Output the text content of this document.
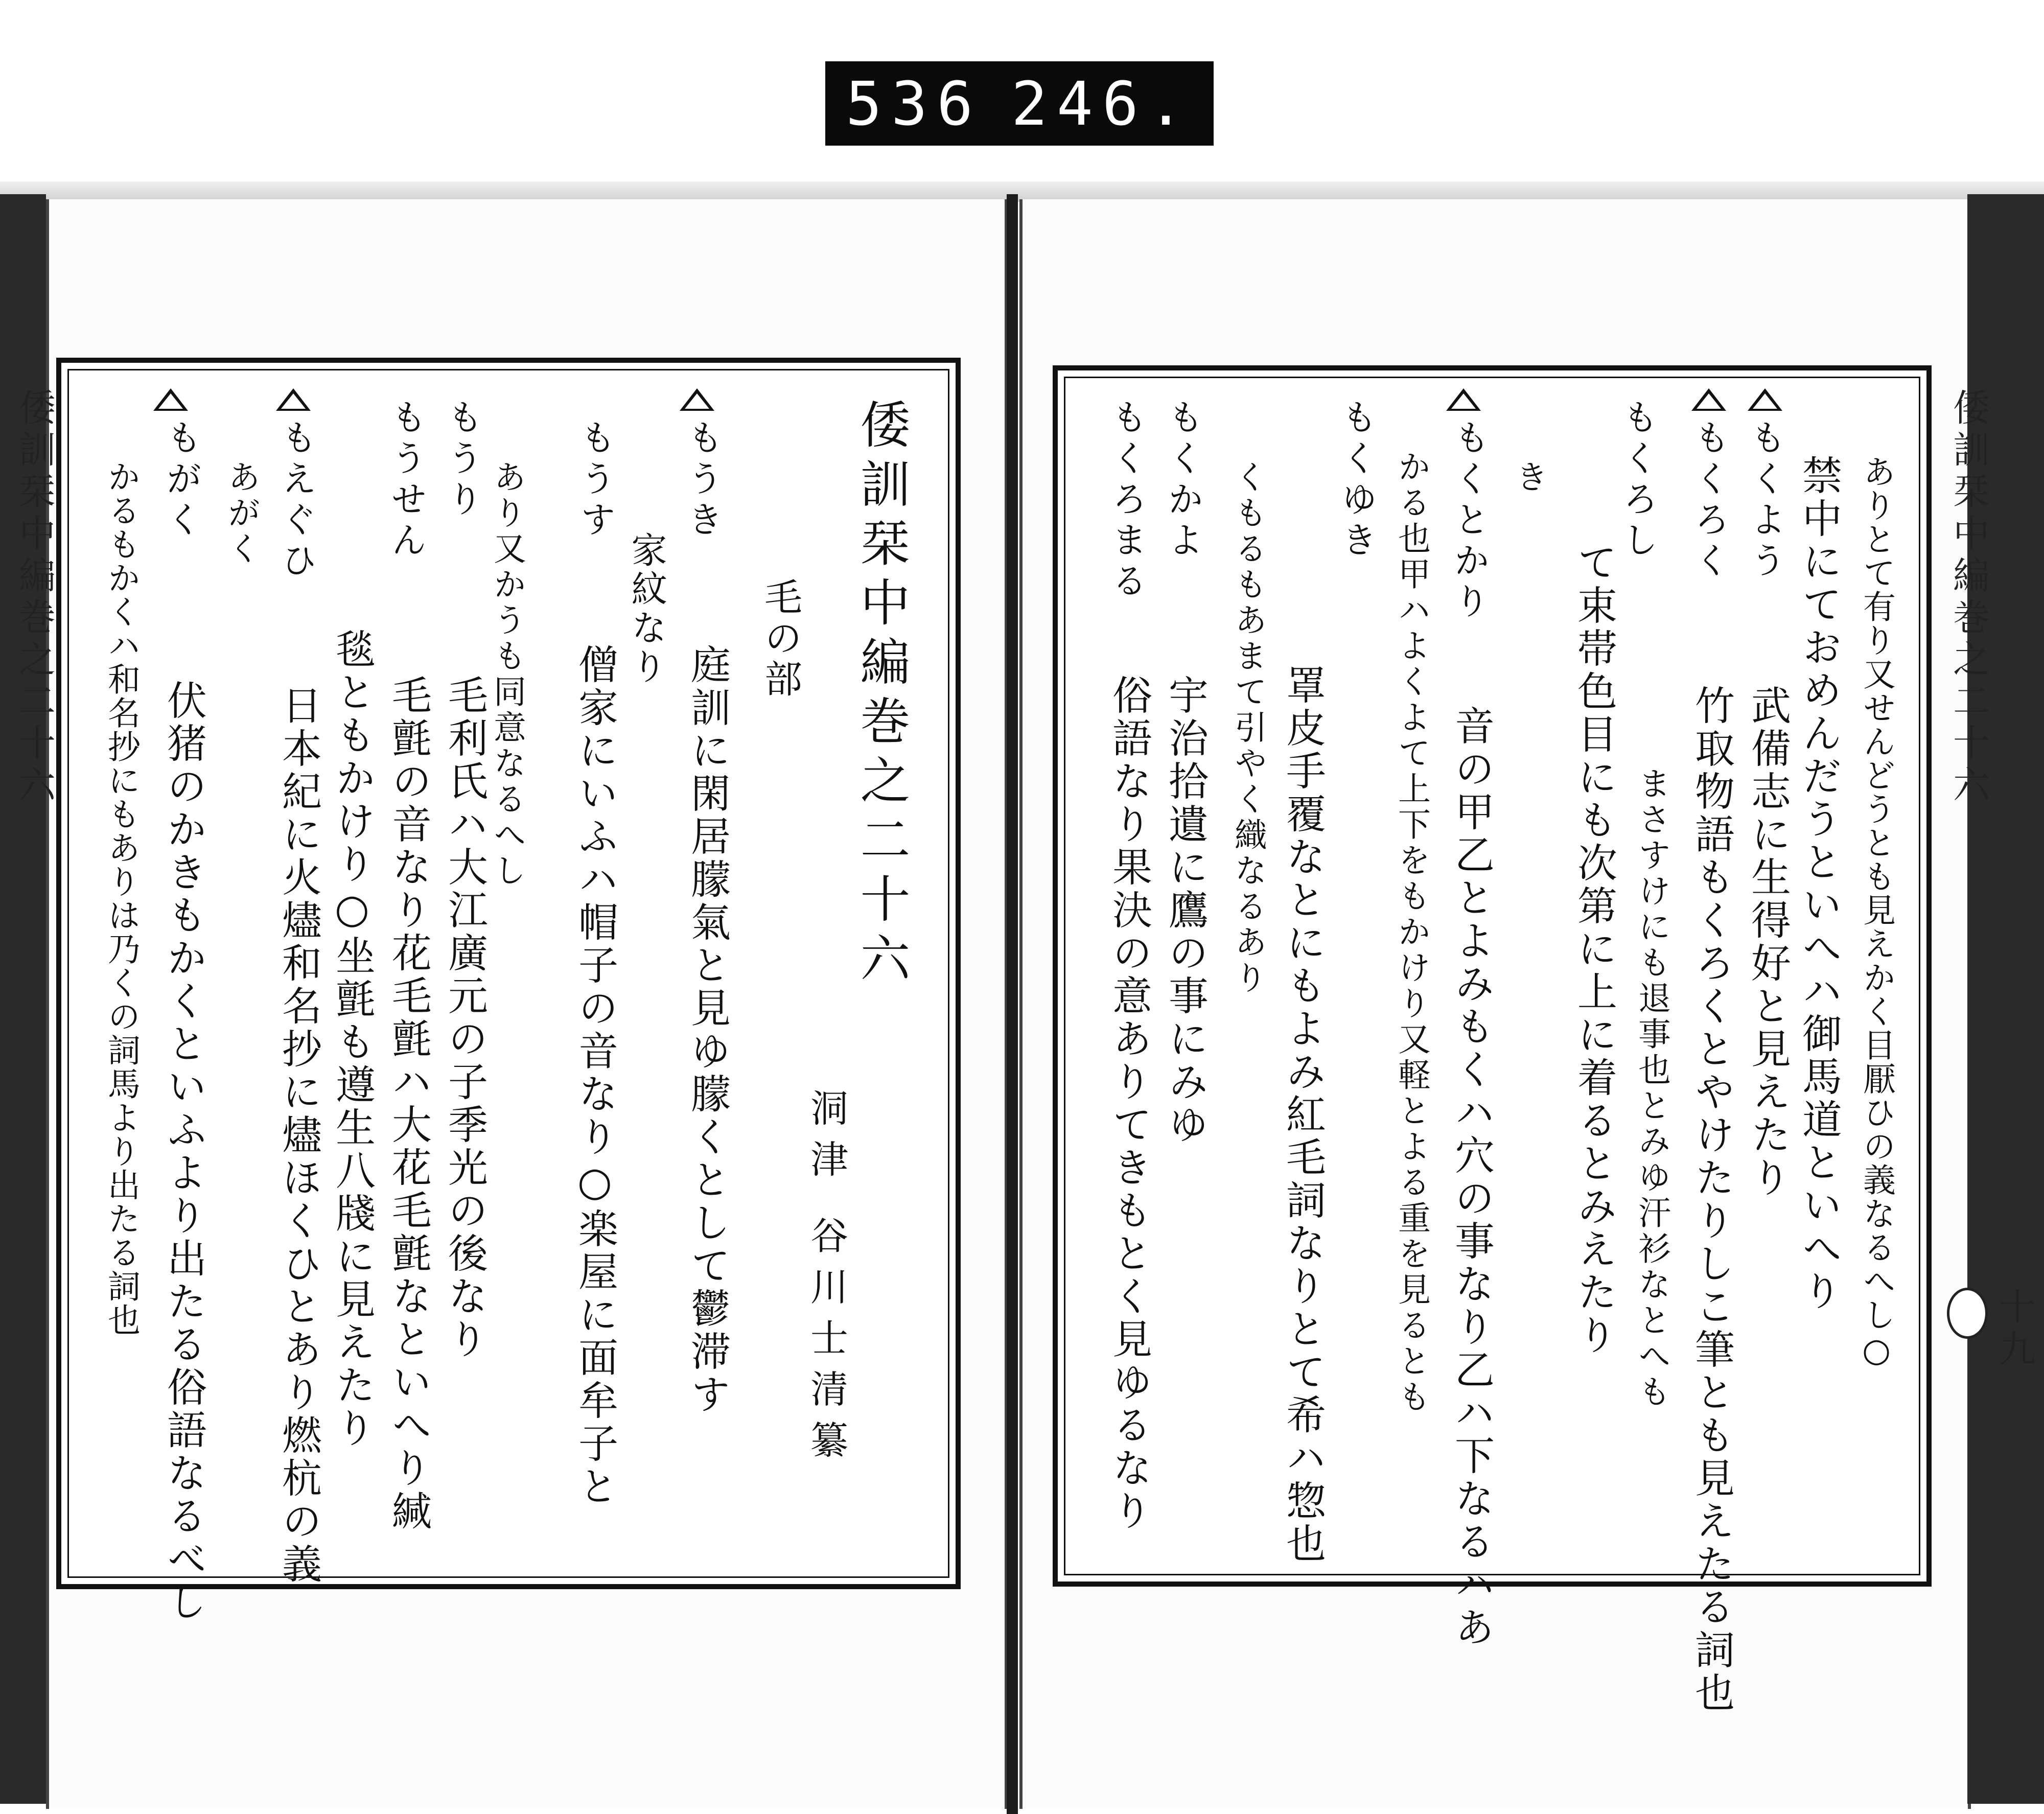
536 246.
倭訓栞中編巻之二十六	倭訓栞中編巻之二十六
毛の部
洞津 谷川士清纂
もうき
庭訓に閑居朦氣と見ゆ朦くとして鬱滞す
もうす
家紋なり
僧家にいふハ帽子の音なり○楽屋に面牟子と
あり又かうも同意なるへし
もうり
毛利氏ハ大江廣元の子季光の後なり
もうせん
毛氈の音なり花毛氈ハ大花毛氈なといへり緘
毯ともかけり○坐氈も遵生八牋に見えたり
もえぐひ
日本紀に火燼和名抄に燼ほくひとあり燃杭の義
もがく あがく
伏猪のかきもかくといふより出たる俗語なるべし
かるもかくハ和名抄にもありは乃くの詞馬より出たる詞也	倭訓栞中編巻之二十六
十九
ありとて有り又せんどうとも見えかく目厭ひの義なるへし○
禁中にておめんだうといへハ御馬道といへり
もくよう
武備志に生得好と見えたり
もくろく
竹取物語もくろくとやけたりしこ筆とも見えたる詞也
まさすけにも退事也とみゆ汗衫なとへも
もくろし
て束帯色目にも次第に上に着るとみえたり
き
もくとかり
音の甲乙とよみもくハ穴の事なり乙ハ下なるハあ
かる也甲ハよくよて上下をもかけり又軽とよる重を見るとも
もくゆき
罩皮手覆なとにもよみ紅毛詞なりとて希ハ惣也
くもるもあまて引やく織なるあり
もくかよ
宇治拾遺に鷹の事にみゆ
もくろまる
俗語なり果決の意ありてきもとく見ゆるなり
